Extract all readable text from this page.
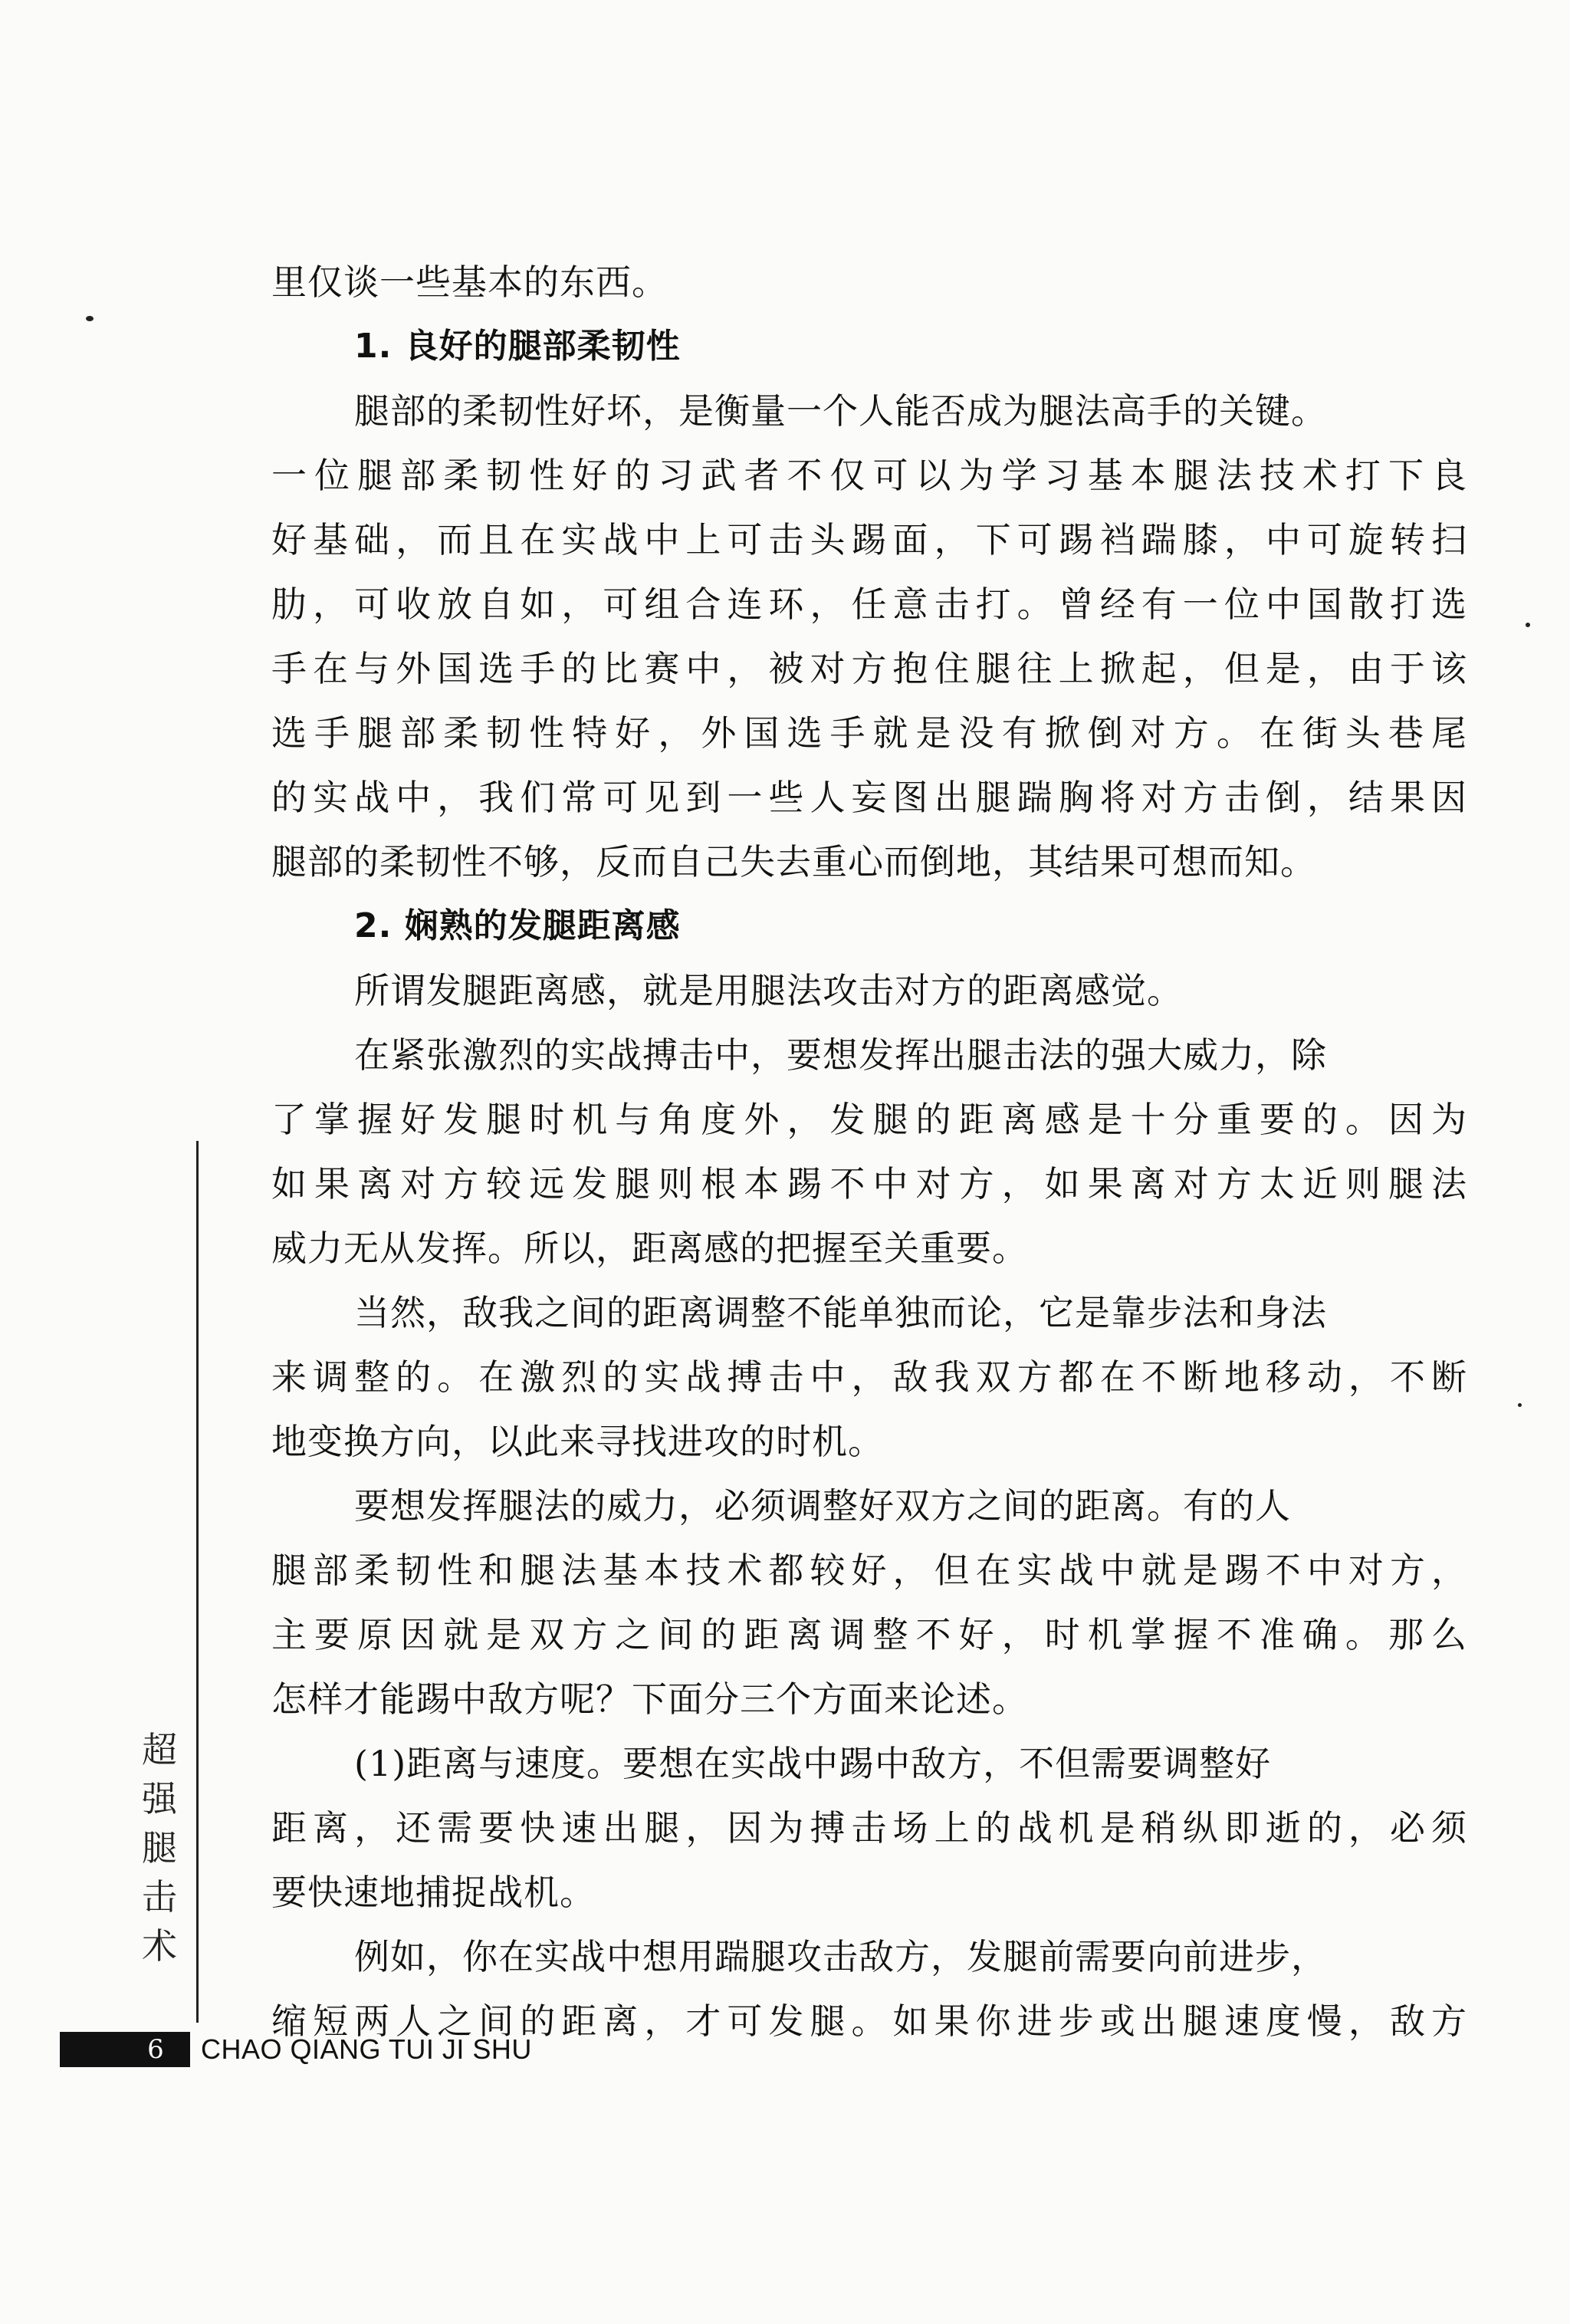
里仅谈一些基本的东西。
1. 良好的腿部柔韧性
腿部的柔韧性好坏，是衡量一个人能否成为腿法高手的关键。
一位腿部柔韧性好的习武者不仅可以为学习基本腿法技术打下良
好基础，而且在实战中上可击头踢面，下可踢裆踹膝，中可旋转扫
肋，可收放自如，可组合连环，任意击打。曾经有一位中国散打选
手在与外国选手的比赛中，被对方抱住腿往上掀起，但是，由于该
选手腿部柔韧性特好，外国选手就是没有掀倒对方。在街头巷尾
的实战中，我们常可见到一些人妄图出腿踹胸将对方击倒，结果因
腿部的柔韧性不够，反而自己失去重心而倒地，其结果可想而知。
2. 娴熟的发腿距离感
所谓发腿距离感，就是用腿法攻击对方的距离感觉。
在紧张激烈的实战搏击中，要想发挥出腿击法的强大威力，除
了掌握好发腿时机与角度外，发腿的距离感是十分重要的。因为
如果离对方较远发腿则根本踢不中对方，如果离对方太近则腿法
威力无从发挥。所以，距离感的把握至关重要。
当然，敌我之间的距离调整不能单独而论，它是靠步法和身法
来调整的。在激烈的实战搏击中，敌我双方都在不断地移动，不断
地变换方向，以此来寻找进攻的时机。
要想发挥腿法的威力，必须调整好双方之间的距离。有的人
腿部柔韧性和腿法基本技术都较好，但在实战中就是踢不中对方，
主要原因就是双方之间的距离调整不好，时机掌握不准确。那么
怎样才能踢中敌方呢？下面分三个方面来论述。
(1)距离与速度。要想在实战中踢中敌方，不但需要调整好
距离，还需要快速出腿，因为搏击场上的战机是稍纵即逝的，必须
要快速地捕捉战机。
例如，你在实战中想用踹腿攻击敌方，发腿前需要向前进步，
缩短两人之间的距离，才可发腿。如果你进步或出腿速度慢，敌方
超
强
腿
击
术
6	CHAO QIANG TUI JI SHU
